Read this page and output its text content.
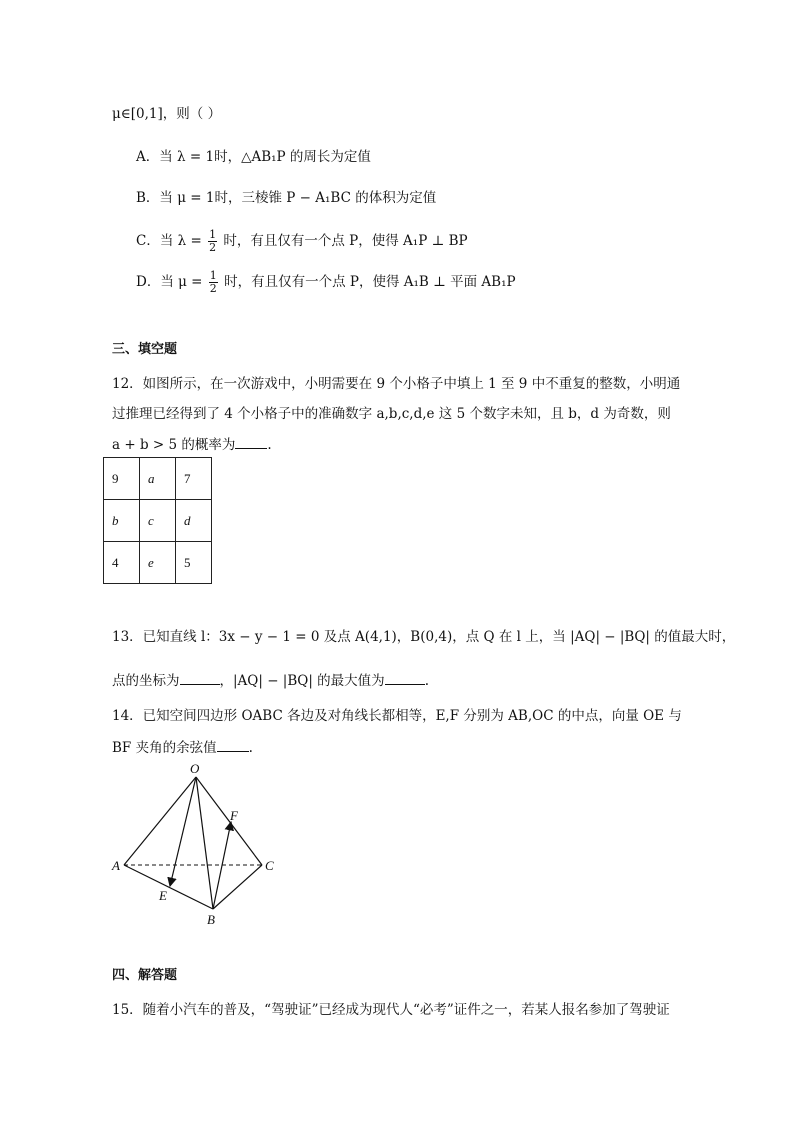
μ∈[0,1]，则（ ）
A．当 λ = 1时，△AB₁P 的周长为定值
B．当 μ = 1时，三棱锥 P − A₁BC 的体积为定值
C．当 $\lambda = \frac{1}{2}$ 时，有且仅有一个点 P，使得 A₁P ⊥ BP
D．当 $\mu = \frac{1}{2}$ 时，有且仅有一个点 P，使得 A₁B ⊥ 平面 AB₁P
三、填空题
12．如图所示，在一次游戏中，小明需要在 9 个小格子中填上 1 至 9 中不重复的整数，小明通
过推理已经得到了 4 个小格子中的准确数字 a,b,c,d,e 这 5 个数字未知，且 b，d 为奇数，则
a + b > 5 的概率为 .
9	a	7
b	c	d
4	e	5
13．已知直线 l：3x − y − 1 = 0 及点 A(4,1)，B(0,4)，点 Q 在 l 上，当 |AQ| − |BQ| 的值最大时，
点的坐标为	，|AQ| − |BQ| 的最大值为	.
14．已知空间四边形 OABC 各边及对角线长都相等，E,F 分别为 AB,OC 的中点，向量 OE 与
BF 夹角的余弦值 .
O
A	C
B
E
F
四、解答题
15．随着小汽车的普及，“驾驶证”已经成为现代人“必考”证件之一，若某人报名参加了驾驶证
